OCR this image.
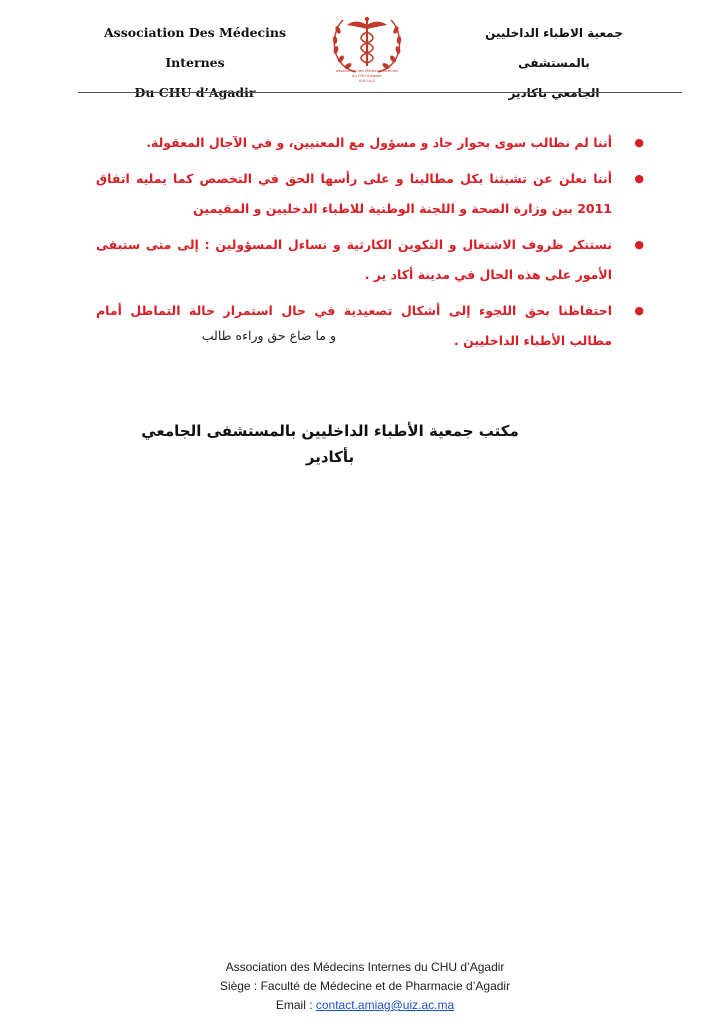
Association Des Médecins Internes
Du CHU d’Agadir
association des Médecins Internes
du CHU d'Agadir
A.M.I.A.G
جمعية الاطباء الداخليين بالمستشفى
الجامعي باكادير
●
أننا لم نطالب سوى بحوار جاد و مسؤول مع المعنيين، و في الآجال المعقولة.
●
أننا نعلن عن تشبثنا بكل مطالبنا و على رأسها الحق في التخصص كما يمليه اتفاق 2011 بين وزارة الصحة و اللجنة الوطنية للاطباء الدخليين و المقيمين
●
نستنكر ظروف الاشتغال و التكوين الكارثية و نساءل المسؤولين : إلى متى ستبقى الأمور على هذه الحال في مدينة أكاد ير .
●
احتفاظنا بحق اللجوء إلى أشكال تصعيدية في حال استمرار حالة التماطل أمام مطالب الأطباء الداخليين .
و ما ضاع حق وراءه طالب
مكتب جمعية الأطباء الداخليين بالمستشفى الجامعي بأكادير
Association des Médecins Internes du CHU d’Agadir
Siège : Faculté de Médecine et de Pharmacie d’Agadir
Email : contact.amiag@uiz.ac.ma
